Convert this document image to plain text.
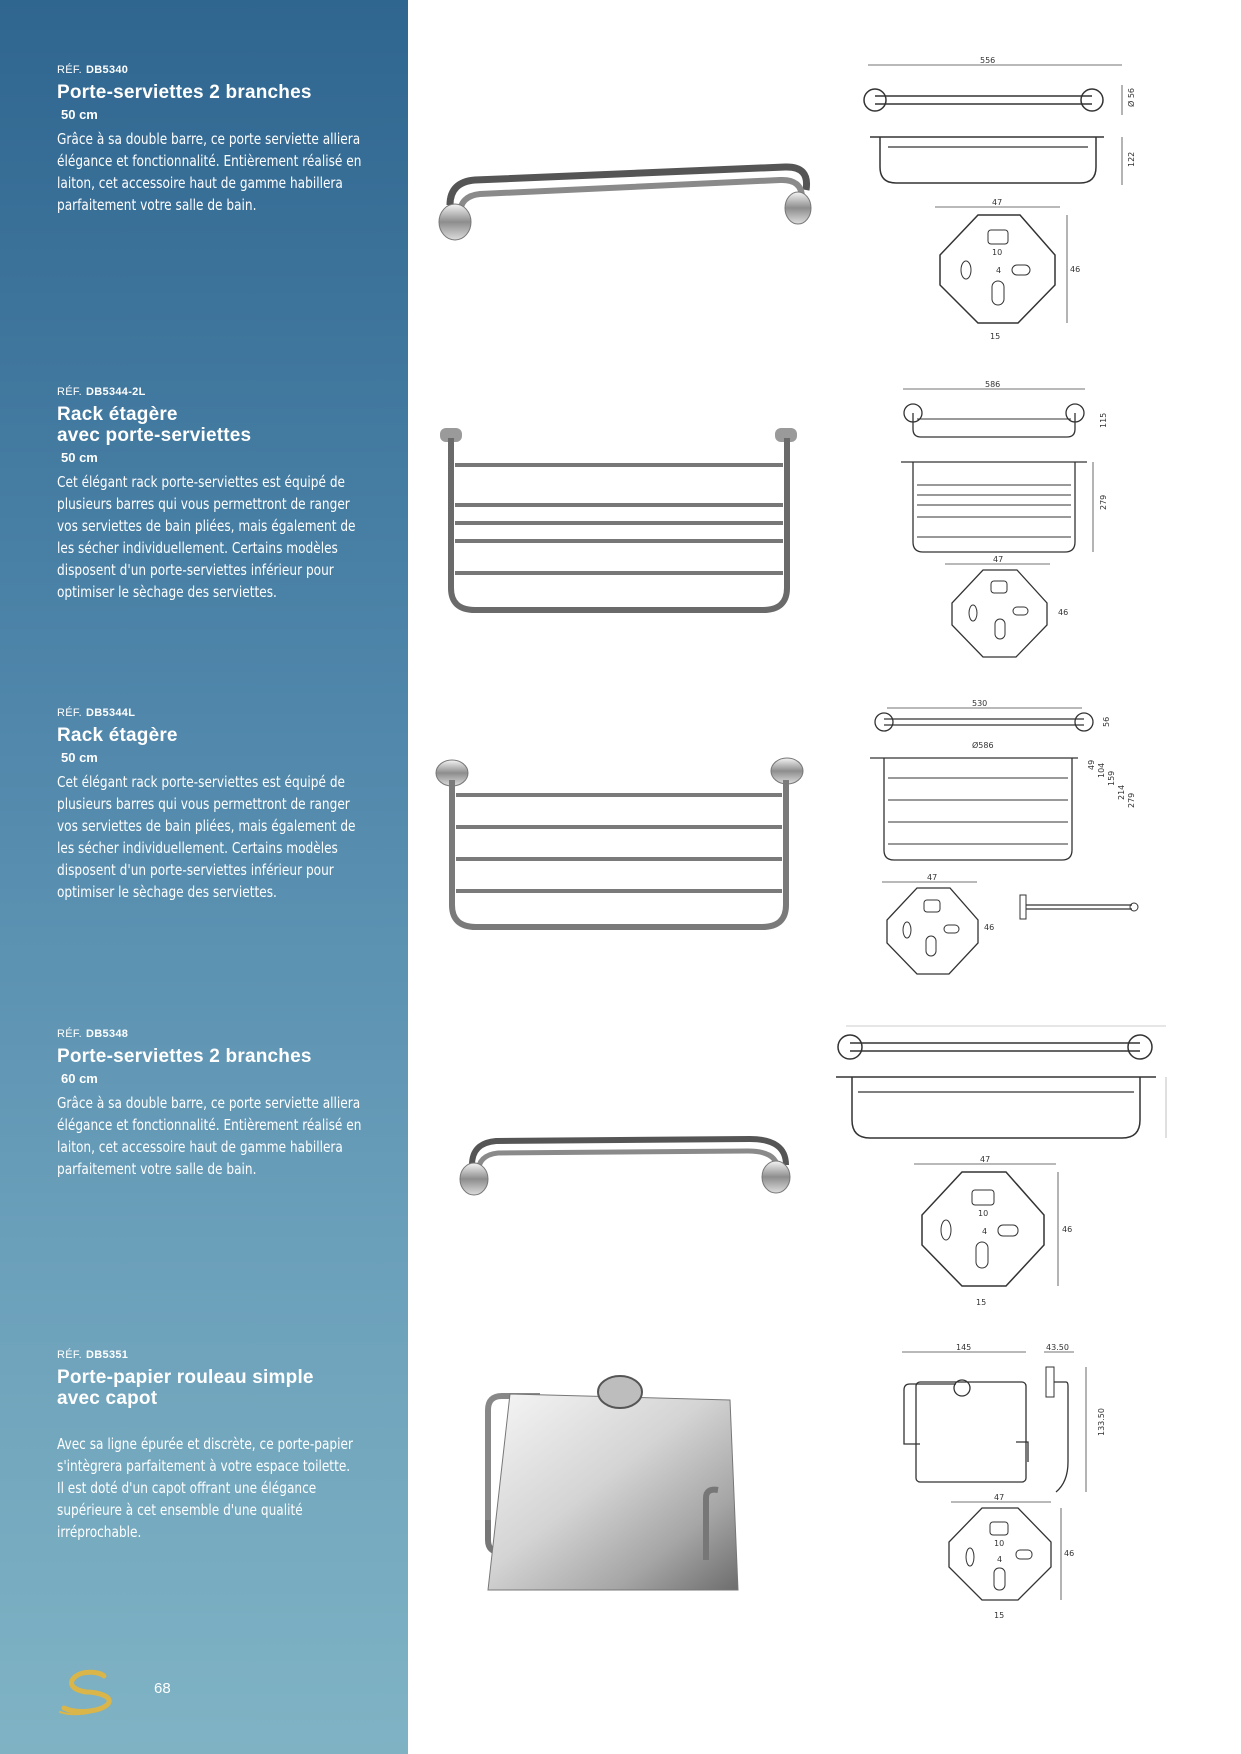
RÉF. DB5340
Porte-serviettes 2 branches
50 cm
Grâce à sa double barre, ce porte serviette alliera
élégance et fonctionnalité. Entièrement réalisé en
laiton, cet accessoire haut de gamme habillera
parfaitement votre salle de bain.
RÉF. DB5344-2L
Rack étagère
avec porte-serviettes
50 cm
Cet élégant rack porte-serviettes est équipé de
plusieurs barres qui vous permettront de ranger
vos serviettes de bain pliées, mais également de
les sécher individuellement. Certains modèles
disposent d'un porte-serviettes inférieur pour
optimiser le sèchage des serviettes.
RÉF. DB5344L
Rack étagère
50 cm
Cet élégant rack porte-serviettes est équipé de
plusieurs barres qui vous permettront de ranger
vos serviettes de bain pliées, mais également de
les sécher individuellement. Certains modèles
disposent d'un porte-serviettes inférieur pour
optimiser le sèchage des serviettes.
RÉF. DB5348
Porte-serviettes 2 branches
60 cm
Grâce à sa double barre, ce porte serviette alliera
élégance et fonctionnalité. Entièrement réalisé en
laiton, cet accessoire haut de gamme habillera
parfaitement votre salle de bain.
RÉF. DB5351
Porte-papier rouleau simple
avec capot
Avec sa ligne épurée et discrète, ce porte-papier
s'intègrera parfaitement à votre espace toilette.
Il est doté d'un capot offrant une élégance
supérieure à cet ensemble d'une qualité
irréprochable.
68
556
Ø 56
122
47
10
4	46
15
586
115
279
47
46
530
56
Ø586
49 104
159
214
279
47
46
47
10
4	46
15
145	43.50
133.50
47
10
4
46
15
